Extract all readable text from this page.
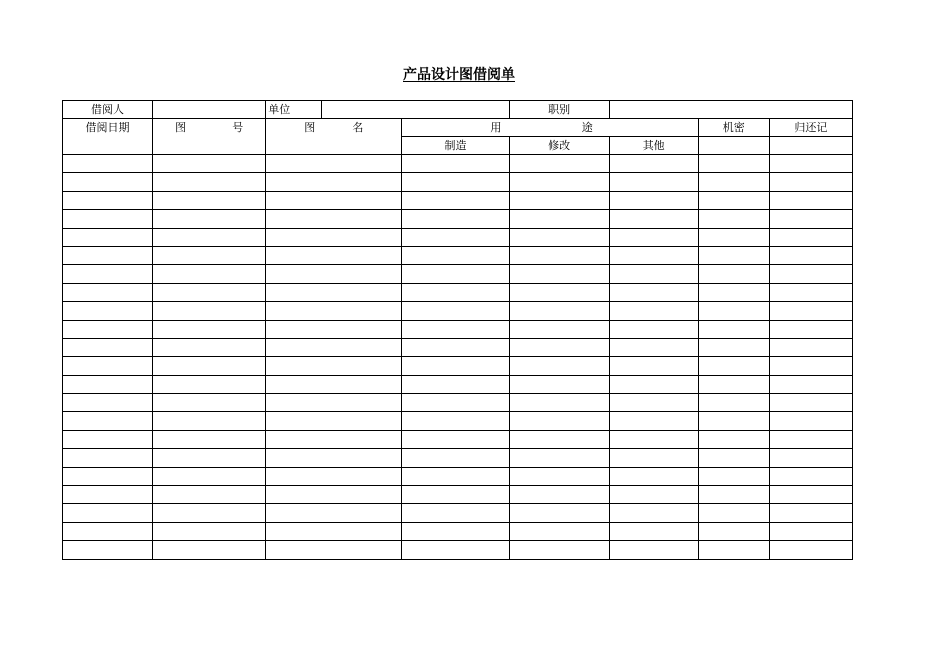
产品设计图借阅单
借阅人		单位			职别			
借阅日期	图 号	图 名		用 途			机密	归还记
				制造	修改	其他		
